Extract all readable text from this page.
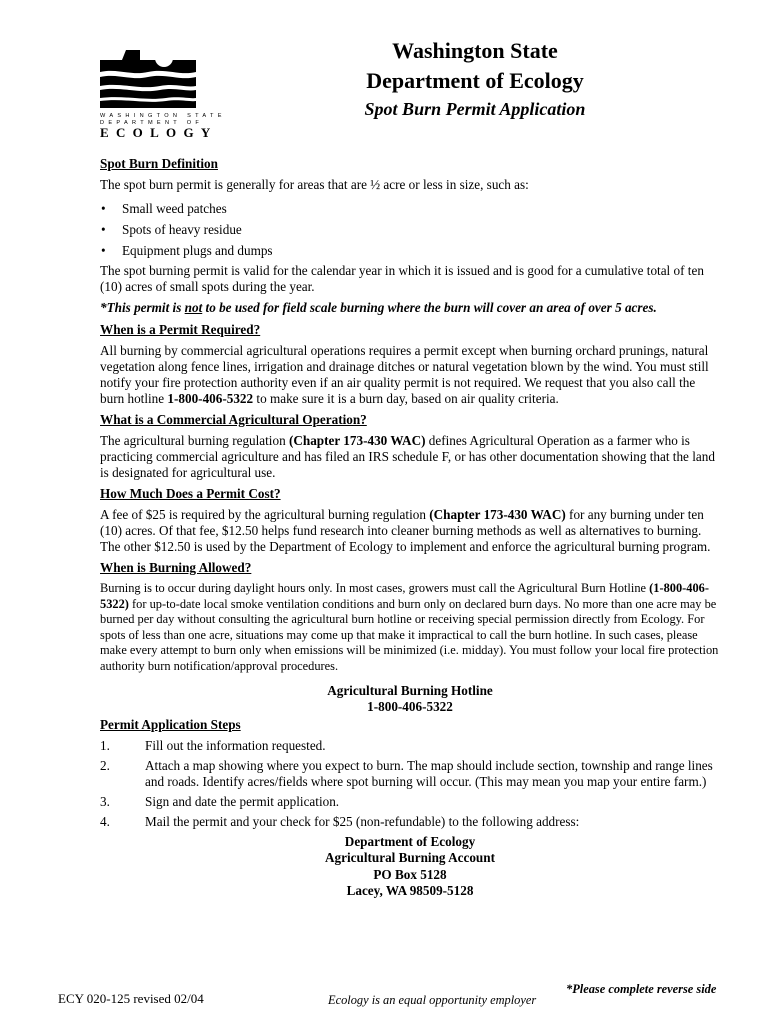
WASHINGTON STATE
DEPARTMENT OF
ECOLOGY
Washington State
Department of Ecology
Spot Burn Permit Application
Spot Burn Definition

The spot burn permit is generally for areas that are ½ acre or less in size, such as:

• Small weed patches
• Spots of heavy residue
• Equipment plugs and dumps

The spot burning permit is valid for the calendar year in which it is issued and is good for a cumulative total of ten (10) acres of small spots during the year.

*This permit is not to be used for field scale burning where the burn will cover an area of over 5 acres.

When is a Permit Required?

All burning by commercial agricultural operations requires a permit except when burning orchard prunings, natural vegetation along fence lines, irrigation and drainage ditches or natural vegetation blown by the wind. You must still notify your fire protection authority even if an air quality permit is not required. We request that you also call the burn hotline 1-800-406-5322 to make sure it is a burn day, based on air quality criteria.

What is a Commercial Agricultural Operation?

The agricultural burning regulation (Chapter 173-430 WAC) defines Agricultural Operation as a farmer who is practicing commercial agriculture and has filed an IRS schedule F, or has other documentation showing that the land is designated for agricultural use.

How Much Does a Permit Cost?

A fee of $25 is required by the agricultural burning regulation (Chapter 173-430 WAC) for any burning under ten (10) acres. Of that fee, $12.50 helps fund research into cleaner burning methods as well as alternatives to burning. The other $12.50 is used by the Department of Ecology to implement and enforce the agricultural burning program.

When is Burning Allowed?

Burning is to occur during daylight hours only. In most cases, growers must call the Agricultural Burn Hotline (1-800-406-5322) for up-to-date local smoke ventilation conditions and burn only on declared burn days. No more than one acre may be burned per day without consulting the agricultural burn hotline or receiving special permission directly from Ecology. For spots of less than one acre, situations may come up that make it impractical to call the burn hotline. In such cases, please make every attempt to burn only when emissions will be minimized (i.e. midday). You must follow your local fire protection authority burn notification/approval procedures.

Agricultural Burning Hotline
1-800-406-5322
Permit Application Steps
1.	Fill out the information requested.
2.	Attach a map showing where you expect to burn. The map should include section, township and range lines and roads. Identify acres/fields where spot burning will occur. (This may mean you map your entire farm.)
3.	Sign and date the permit application.
4.	Mail the permit and your check for $25 (non-refundable) to the following address:
Department of Ecology
Agricultural Burning Account
PO Box 5128
Lacey, WA 98509-5128
ECY 020-125 revised 02/04	Ecology is an equal opportunity employer
*Please complete reverse side
